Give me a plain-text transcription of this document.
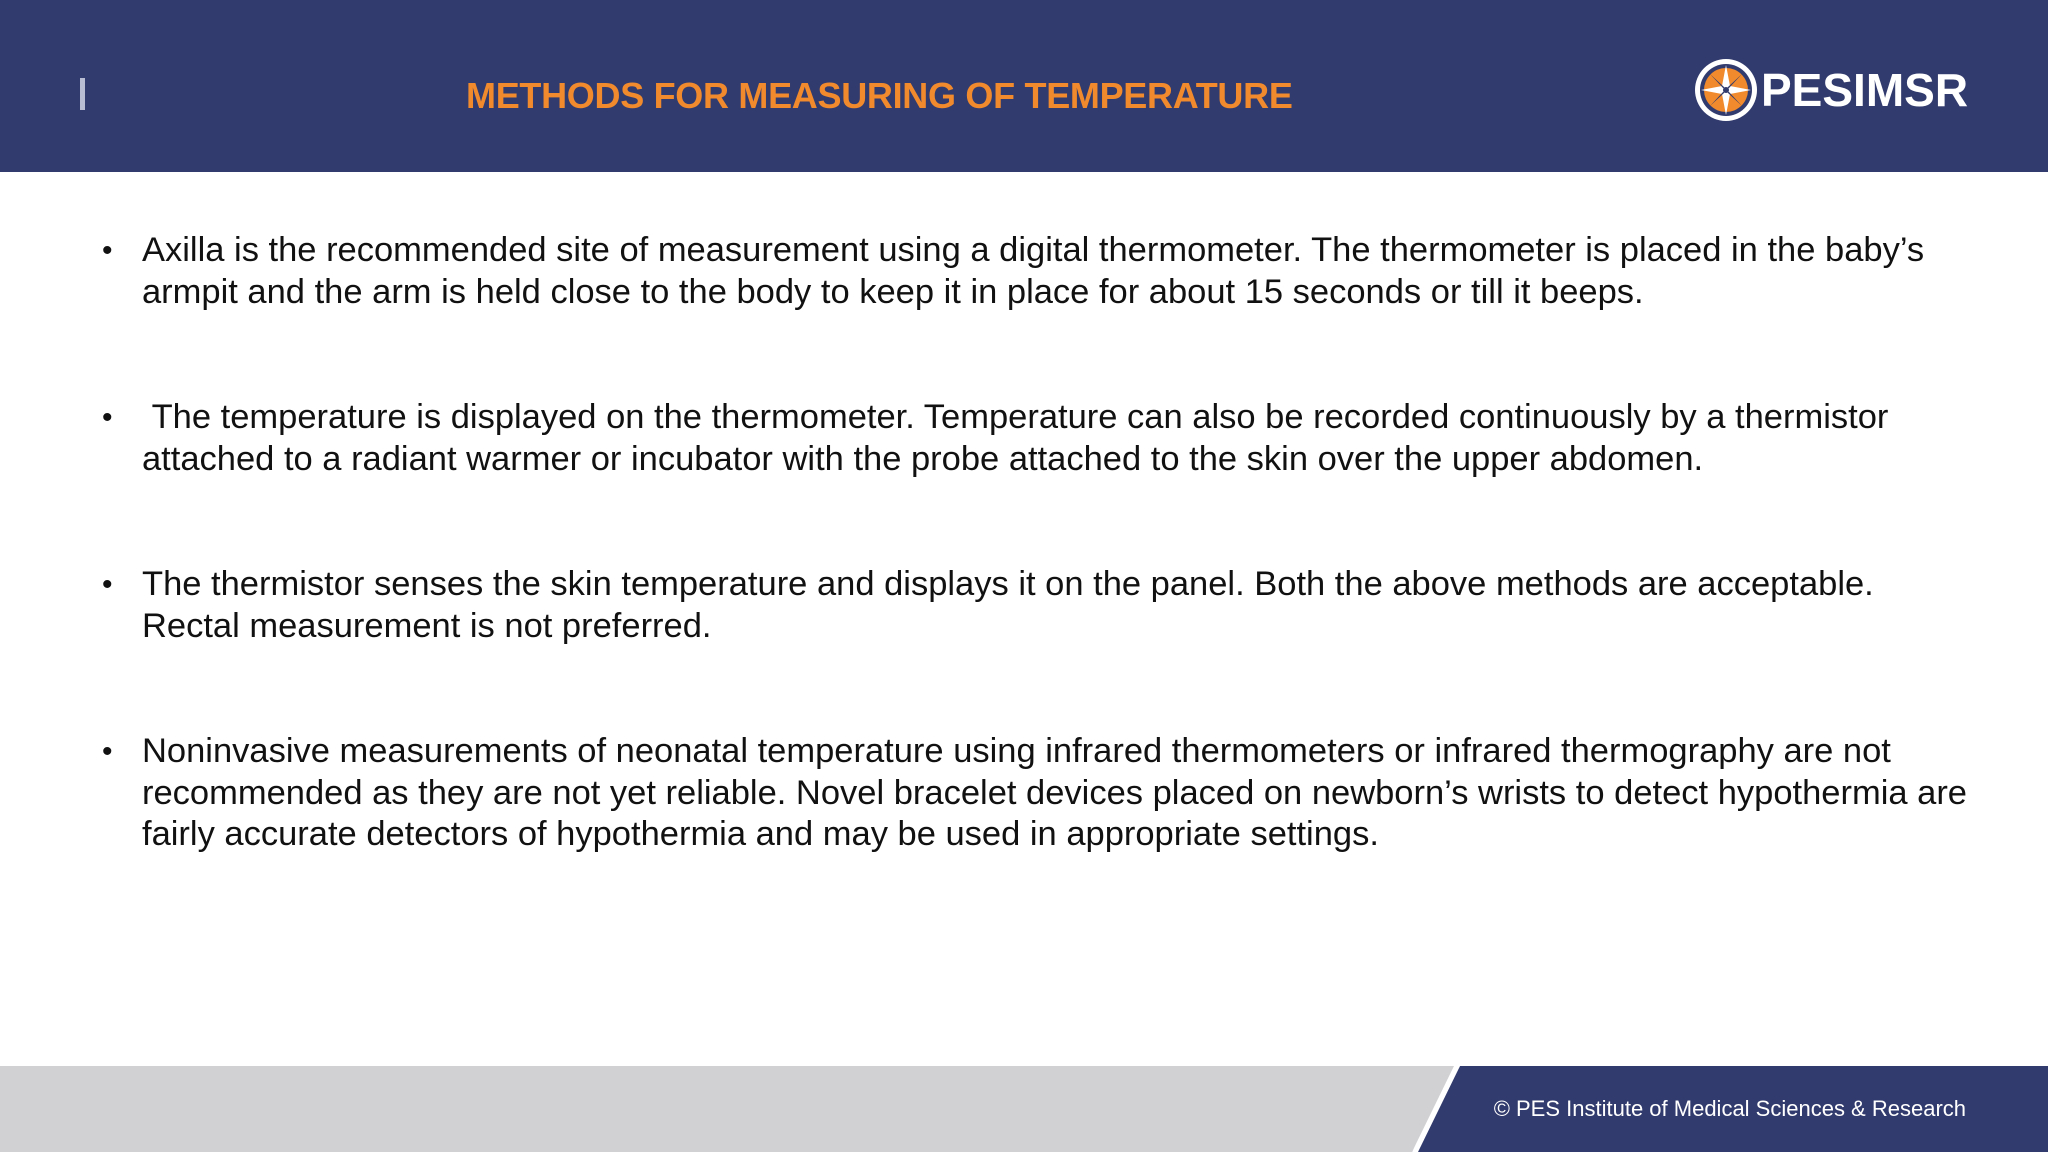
METHODS FOR MEASURING OF TEMPERATURE	PESIMSR
• Axilla is the recommended site of measurement using a digital thermometer. The thermometer is placed in the baby’s armpit and the arm is held close to the body to keep it in place for about 15 seconds or till it beeps.
• The temperature is displayed on the thermometer. Temperature can also be recorded continuously by a thermistor attached to a radiant warmer or incubator with the probe attached to the skin over the upper abdomen.
• The thermistor senses the skin temperature and displays it on the panel. Both the above methods are acceptable. Rectal measurement is not preferred.
• Noninvasive measurements of neonatal temperature using infrared thermometers or infrared thermography are not recommended as they are not yet reliable. Novel bracelet devices placed on newborn’s wrists to detect hypothermia are fairly accurate detectors of hypothermia and may be used in appropriate settings.
© PES Institute of Medical Sciences & Research
